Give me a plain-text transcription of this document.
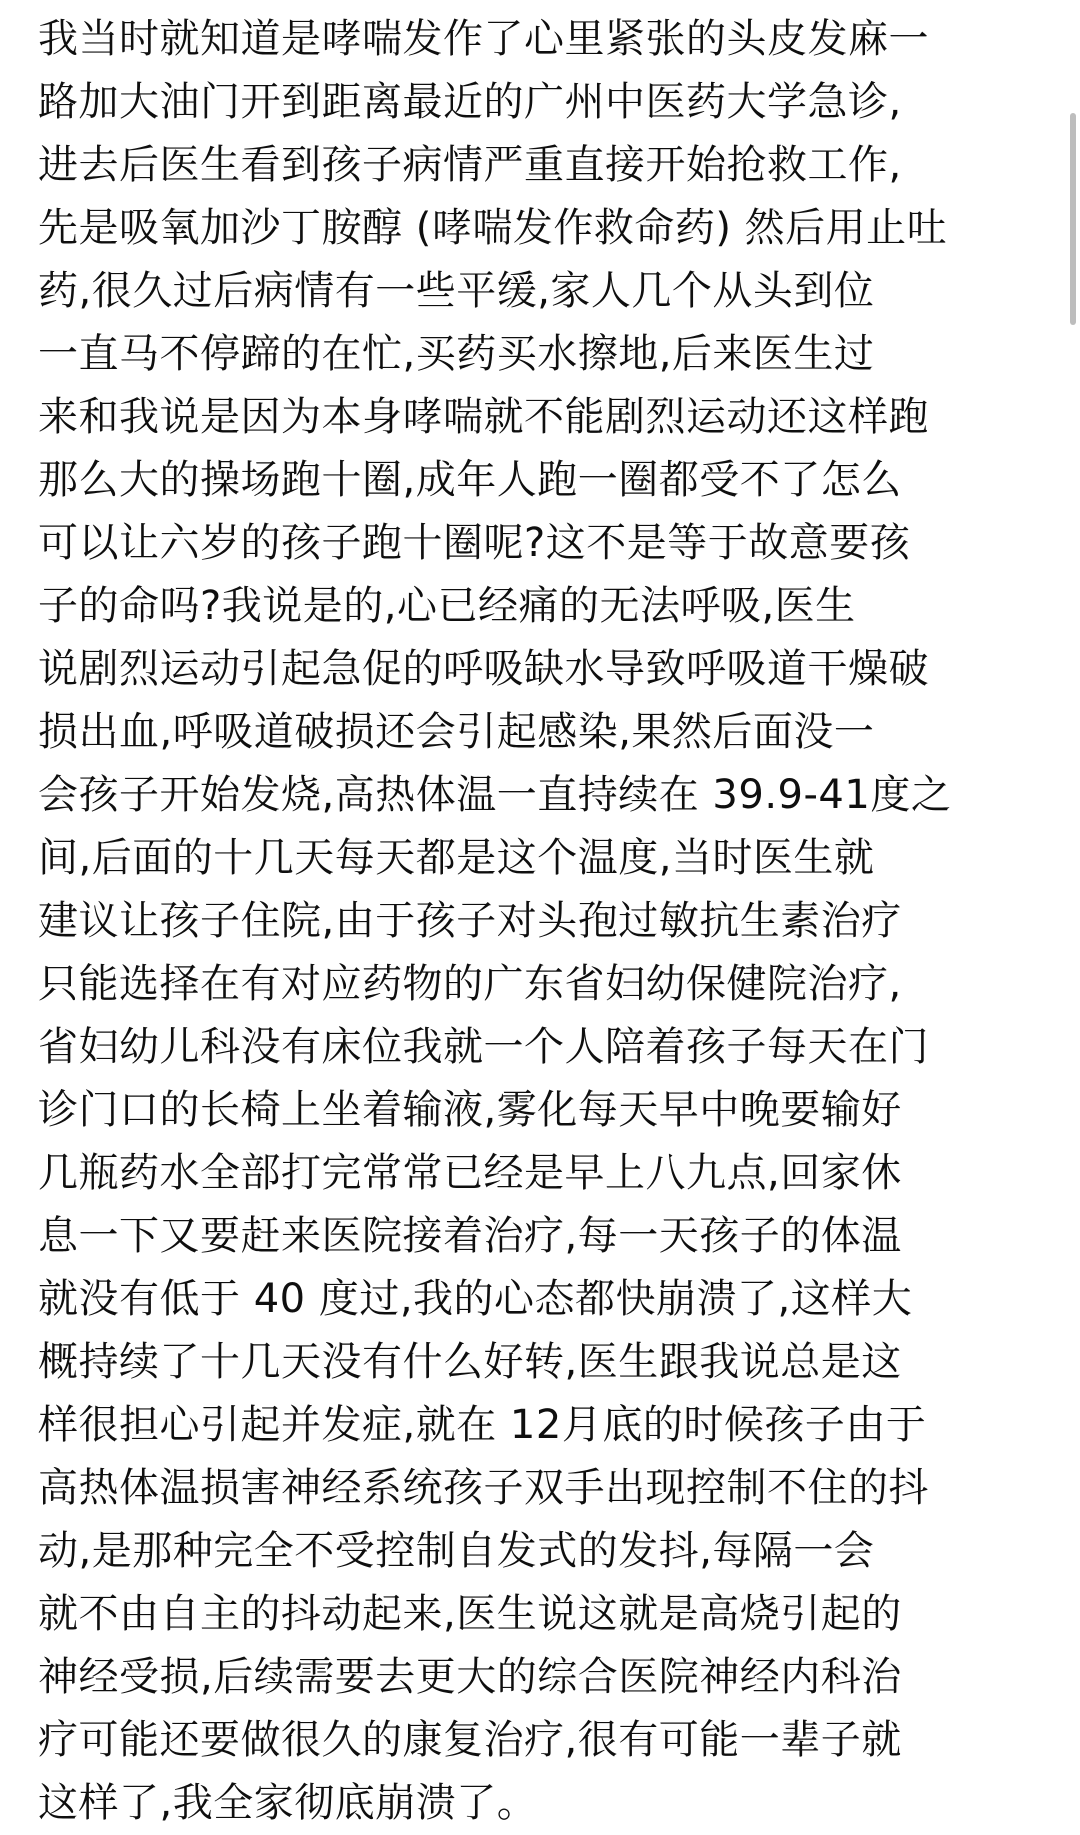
我当时就知道是哮喘发作了心里紧张的头皮发麻一
路加大油门开到距离最近的广州中医药大学急诊,
进去后医生看到孩子病情严重直接开始抢救工作,
先是吸氧加沙丁胺醇 (哮喘发作救命药) 然后用止吐
药,很久过后病情有一些平缓,家人几个从头到位
一直马不停蹄的在忙,买药买水擦地,后来医生过
来和我说是因为本身哮喘就不能剧烈运动还这样跑
那么大的操场跑十圈,成年人跑一圈都受不了怎么
可以让六岁的孩子跑十圈呢?这不是等于故意要孩
子的命吗?我说是的,心已经痛的无法呼吸,医生
说剧烈运动引起急促的呼吸缺水导致呼吸道干燥破
损出血,呼吸道破损还会引起感染,果然后面没一
会孩子开始发烧,高热体温一直持续在 39.9-41度之
间,后面的十几天每天都是这个温度,当时医生就
建议让孩子住院,由于孩子对头孢过敏抗生素治疗
只能选择在有对应药物的广东省妇幼保健院治疗,
省妇幼儿科没有床位我就一个人陪着孩子每天在门
诊门口的长椅上坐着输液,雾化每天早中晚要输好
几瓶药水全部打完常常已经是早上八九点,回家休
息一下又要赶来医院接着治疗,每一天孩子的体温
就没有低于 40 度过,我的心态都快崩溃了,这样大
概持续了十几天没有什么好转,医生跟我说总是这
样很担心引起并发症,就在 12月底的时候孩子由于
高热体温损害神经系统孩子双手出现控制不住的抖
动,是那种完全不受控制自发式的发抖,每隔一会
就不由自主的抖动起来,医生说这就是高烧引起的
神经受损,后续需要去更大的综合医院神经内科治
疗可能还要做很久的康复治疗,很有可能一辈子就
这样了,我全家彻底崩溃了。
